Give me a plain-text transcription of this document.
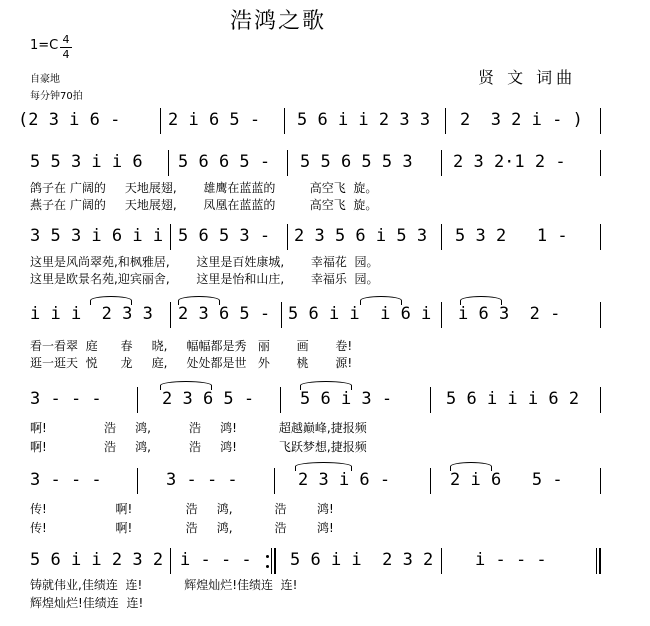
浩鸿之歌
1=C 4
4
自豪地
每分钟70拍
贤 文 词曲
(2 3 i 6 -	2 i 6 5 - 5 6 i i 2 3 3 2  3 2 i - )
5 5 3 i i 6 5 6 6 5 - 5 5 6 5 5 3 2 3 2·1 2 -
鸽子在 广阔的     天地展翅,       雄鹰在蓝蓝的         高空飞  旋。
燕子在 广阔的     天地展翅,       凤凰在蓝蓝的         高空飞  旋。
3 5 3 i 6 i i 5 6 5 3 - 2 3 5 6 i 5 3 5 3 2   1 -
这里是风尚翠苑,和枫雅居,       这里是百姓康城,       幸福花  园。
这里是欧景名苑,迎宾丽舍,       这里是怡和山庄,       幸福乐  园。
i i i  2 3 3 2 3 6 5 - 5 6 i i  i 6 i i 6 3  2 -
看一看翠  庭      春     晓,     幅幅都是秀   丽       画       卷!
逛一逛天  悦      龙     庭,     处处都是世   外       桃       源!
3 - - -	2 3 6 5 -	5 6 i 3 -	5 6 i i i 6 2
啊!               浩     鸿,          浩     鸿!           超越巅峰,捷报频
啊!               浩     鸿,          浩     鸿!           飞跃梦想,捷报频
3 - - -	3 - - -	2 3 i 6 -	2 i 6   5 -
传!                  啊!              浩     鸿,           浩        鸿!
传!                  啊!              浩     鸿,           浩        鸿!
5 6 i i 2 3 2 i - - - 5 6 i i  2 3 2 i - - -
铸就伟业,佳绩连  连!           辉煌灿烂!佳绩连  连!
辉煌灿烂!佳绩连  连!
